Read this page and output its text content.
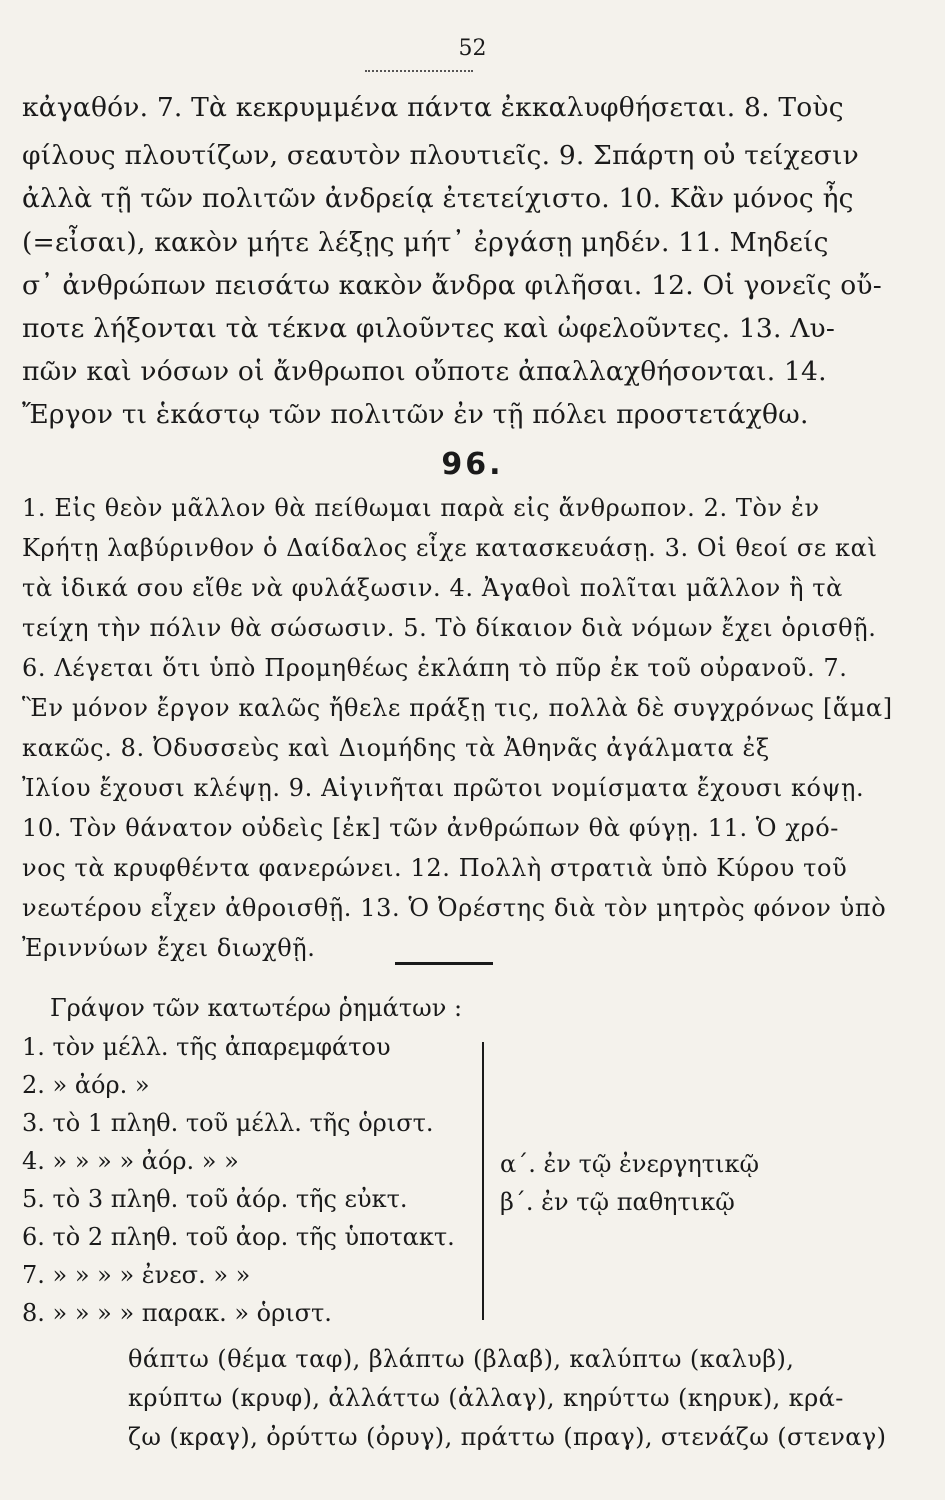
52
κἀγαθόν. 7. Τὰ κεκρυμμένα πάντα ἐκκαλυφθήσεται. 8. Τοὺς
φίλους πλουτίζων, σεαυτὸν πλουτιεῖς. 9. Σπάρτη οὐ τείχεσιν
ἀλλὰ τῇ τῶν πολιτῶν ἀνδρείᾳ ἐτετείχιστο. 10. Κἂν μόνος ἦς
(=εἶσαι), κακὸν μήτε λέξῃς μήτ᾽ ἐργάσῃ μηδέν. 11. Μηδείς
σ᾽ ἀνθρώπων πεισάτω κακὸν ἄνδρα φιλῆσαι. 12. Οἱ γονεῖς οὔ-
ποτε λήξονται τὰ τέκνα φιλοῦντες καὶ ὠφελοῦντες. 13. Λυ-
πῶν καὶ νόσων οἱ ἄνθρωποι οὔποτε ἀπαλλαχθήσονται. 14.
Ἔργον τι ἑκάστῳ τῶν πολιτῶν ἐν τῇ πόλει προστετάχθω.
96.
1. Εἰς θεὸν μᾶλλον θὰ πείθωμαι παρὰ εἰς ἄνθρωπον. 2. Τὸν ἐν
Κρήτῃ λαβύρινθον ὁ Δαίδαλος εἶχε κατασκευάσῃ. 3. Οἱ θεοί σε καὶ
τὰ ἰδικά σου εἴθε νὰ φυλάξωσιν. 4. Ἀγαθοὶ πολῖται μᾶλλον ἢ τὰ
τείχη τὴν πόλιν θὰ σώσωσιν. 5. Τὸ δίκαιον διὰ νόμων ἔχει ὁρισθῇ.
6. Λέγεται ὅτι ὑπὸ Προμηθέως ἐκλάπη τὸ πῦρ ἐκ τοῦ οὐρανοῦ. 7.
Ἓν μόνον ἔργον καλῶς ἤθελε πράξῃ τις, πολλὰ δὲ συγχρόνως [ἅμα]
κακῶς. 8. Ὀδυσσεὺς καὶ Διομήδης τὰ Ἀθηνᾶς ἀγάλματα ἐξ
Ἰλίου ἔχουσι κλέψῃ. 9. Αἰγινῆται πρῶτοι νομίσματα ἔχουσι κόψῃ.
10. Τὸν θάνατον οὐδεὶς [ἐκ] τῶν ἀνθρώπων θὰ φύγῃ. 11. Ὁ χρό-
νος τὰ κρυφθέντα φανερώνει. 12. Πολλὴ στρατιὰ ὑπὸ Κύρου τοῦ
νεωτέρου εἶχεν ἀθροισθῇ. 13. Ὁ Ὀρέστης διὰ τὸν μητρὸς φόνον ὑπὸ
Ἐριννύων ἔχει διωχθῇ.
Γράψον τῶν κατωτέρω ῥημάτων :
1. τὸν μέλλ. τῆς ἀπαρεμφάτου
2. » ἀόρ. »
3. τὸ 1 πληθ. τοῦ μέλλ. τῆς ὁριστ.
4. » » » » ἀόρ. » »
5. τὸ 3 πληθ. τοῦ ἀόρ. τῆς εὐκτ.
6. τὸ 2 πληθ. τοῦ ἀορ. τῆς ὑποτακτ.
7. » » » » ἐνεσ. » »
8. » » » » παρακ. » ὁριστ.
α΄. ἐν τῷ ἐνεργητικῷ
β΄. ἐν τῷ παθητικῷ
θάπτω (θέμα ταφ), βλάπτω (βλαβ), καλύπτω (καλυβ),
κρύπτω (κρυφ), ἀλλάττω (ἀλλαγ), κηρύττω (κηρυκ), κρά-
ζω (κραγ), ὀρύττω (ὀρυγ), πράττω (πραγ), στενάζω (στεναγ)
